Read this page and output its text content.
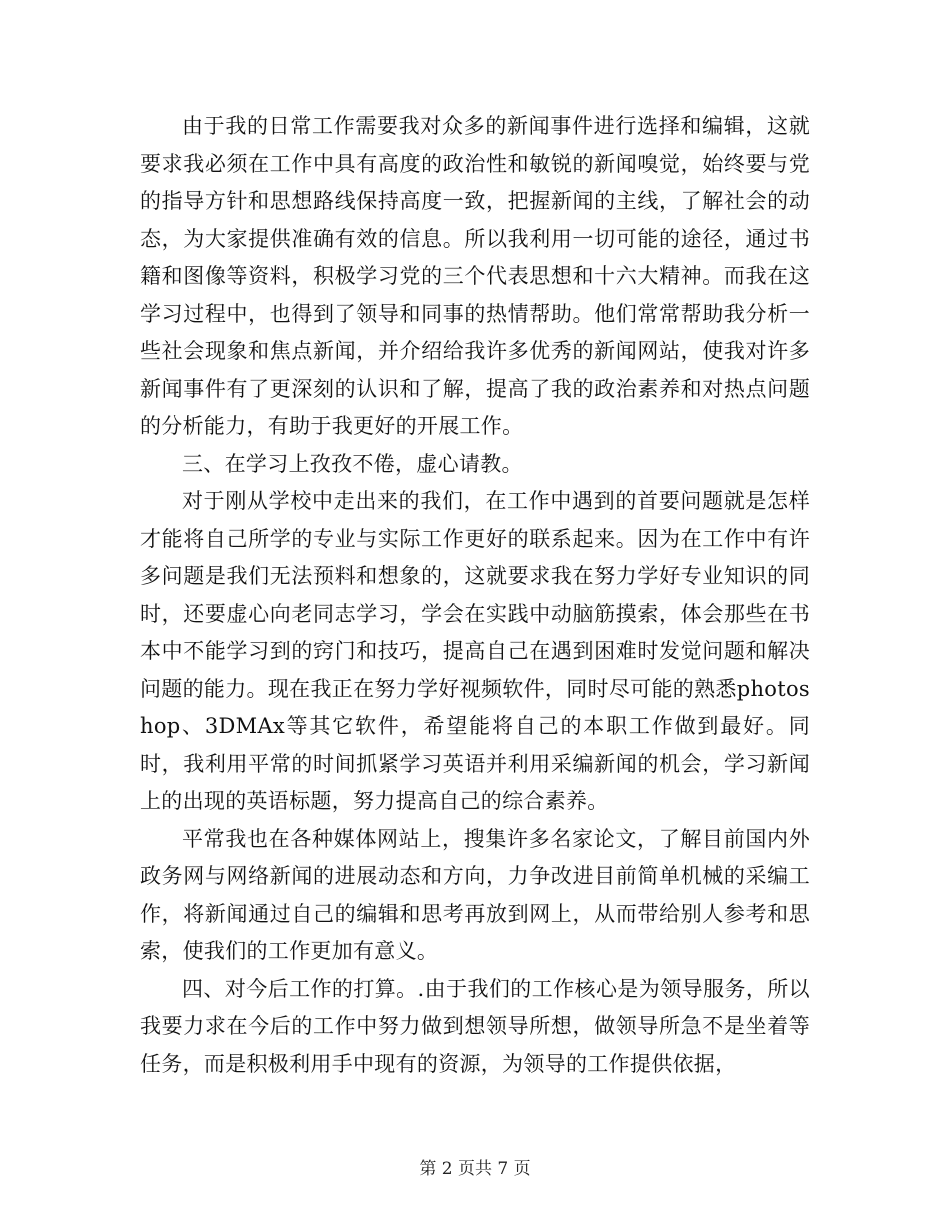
由于我的日常工作需要我对众多的新闻事件进行选择和编辑，这就要求我必须在工作中具有高度的政治性和敏锐的新闻嗅觉，始终要与党的指导方针和思想路线保持高度一致，把握新闻的主线，了解社会的动态，为大家提供准确有效的信息。所以我利用一切可能的途径，通过书籍和图像等资料，积极学习党的三个代表思想和十六大精神。而我在这学习过程中，也得到了领导和同事的热情帮助。他们常常帮助我分析一些社会现象和焦点新闻，并介绍给我许多优秀的新闻网站，使我对许多新闻事件有了更深刻的认识和了解，提高了我的政治素养和对热点问题的分析能力，有助于我更好的开展工作。

三、在学习上孜孜不倦，虚心请教。

对于刚从学校中走出来的我们，在工作中遇到的首要问题就是怎样才能将自己所学的专业与实际工作更好的联系起来。因为在工作中有许多问题是我们无法预料和想象的，这就要求我在努力学好专业知识的同时，还要虚心向老同志学习，学会在实践中动脑筋摸索，体会那些在书本中不能学习到的窍门和技巧，提高自己在遇到困难时发觉问题和解决问题的能力。现在我正在努力学好视频软件，同时尽可能的熟悉photoshop、3DMAx等其它软件，希望能将自己的本职工作做到最好。同时，我利用平常的时间抓紧学习英语并利用采编新闻的机会，学习新闻上的出现的英语标题，努力提高自己的综合素养。

平常我也在各种媒体网站上，搜集许多名家论文，了解目前国内外政务网与网络新闻的进展动态和方向，力争改进目前简单机械的采编工作，将新闻通过自己的编辑和思考再放到网上，从而带给别人参考和思索，使我们的工作更加有意义。

四、对今后工作的打算。.由于我们的工作核心是为领导服务，所以我要力求在今后的工作中努力做到想领导所想，做领导所急不是坐着等任务，而是积极利用手中现有的资源，为领导的工作提供依据，

第 2 页共 7 页
